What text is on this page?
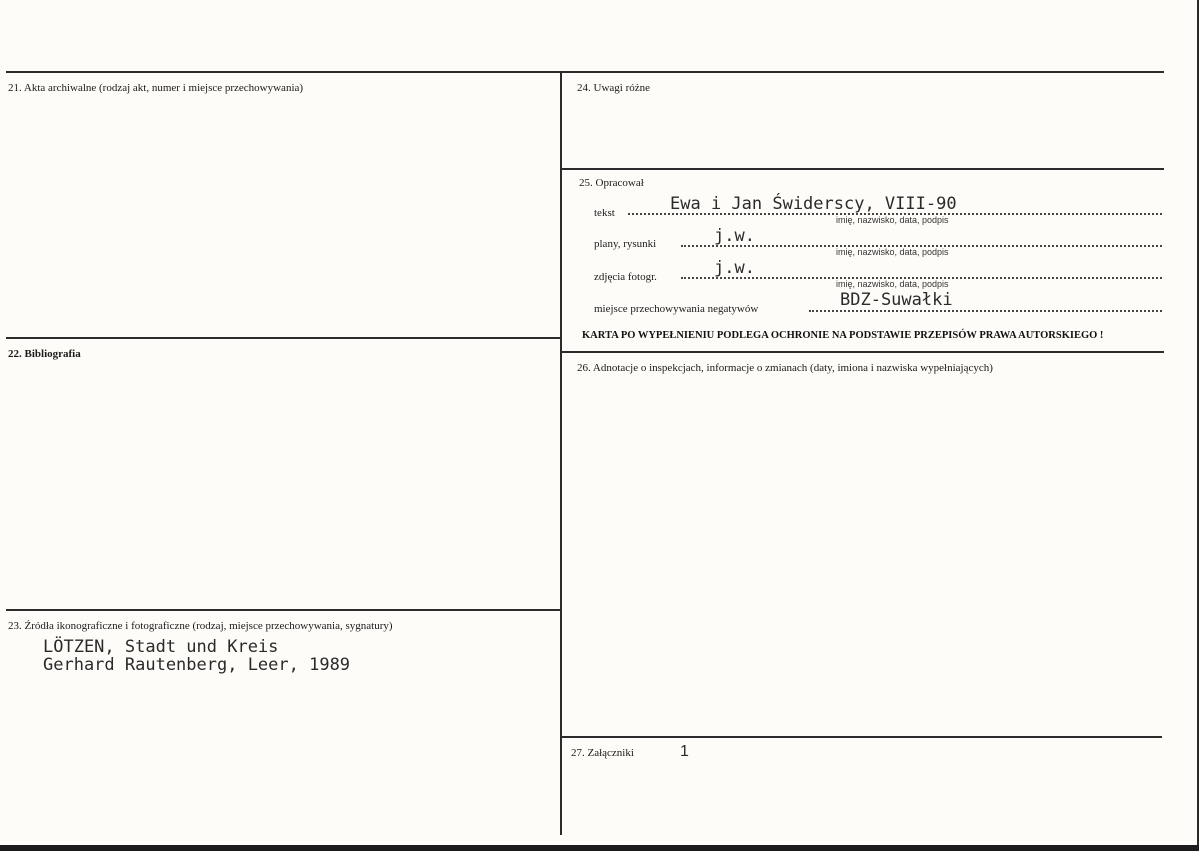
21. Akta archiwalne (rodzaj akt, numer i miejsce przechowywania)
22. Bibliografia
23. Źródła ikonograficzne i fotograficzne (rodzaj, miejsce przechowywania, sygnatury)
LÖTZEN, Stadt und Kreis
Gerhard Rautenberg, Leer, 1989
24. Uwagi różne
25. Opracował
tekst	Ewa i Jan Świderscy, VIII-90
imię, nazwisko, data, podpis
plany, rysunki	j.w.
imię, nazwisko, data, podpis
zdjęcia fotogr.	j.w.
imię, nazwisko, data, podpis
miejsce przechowywania negatywów	BDZ-Suwałki
KARTA PO WYPEŁNIENIU PODLEGA OCHRONIE NA PODSTAWIE PRZEPISÓW PRAWA AUTORSKIEGO !
26. Adnotacje o inspekcjach, informacje o zmianach (daty, imiona i nazwiska wypełniających)
27. Załączniki	1
